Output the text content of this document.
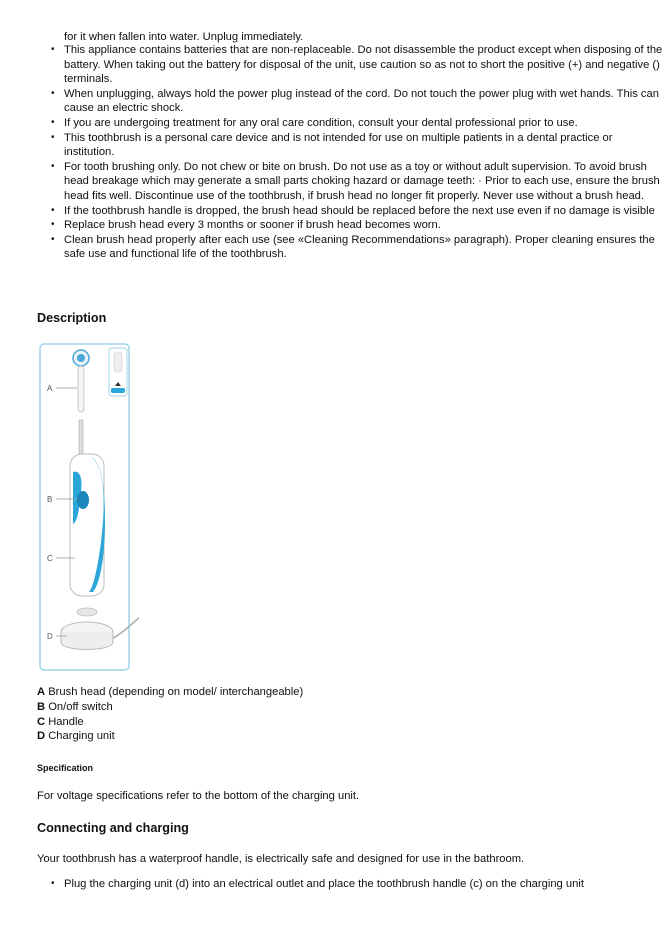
for it when fallen into water. Unplug immediately.

• This appliance contains batteries that are non-replaceable. Do not disassemble the product except when disposing of the battery. When taking out the battery for disposal of the unit, use caution so as not to short the positive (+) and negative () terminals.
• When unplugging, always hold the power plug instead of the cord. Do not touch the power plug with wet hands. This can cause an electric shock.
• If you are undergoing treatment for any oral care condition, consult your dental professional prior to use.
• This toothbrush is a personal care device and is not intended for use on multiple patients in a dental practice or institution.
• For tooth brushing only. Do not chew or bite on brush. Do not use as a toy or without adult supervision. To avoid brush head breakage which may generate a small parts choking hazard or damage teeth: · Prior to each use, ensure the brush head fits well. Discontinue use of the toothbrush, if brush head no longer fit properly. Never use without a brush head.
• If the toothbrush handle is dropped, the brush head should be replaced before the next use even if no damage is visible
• Replace brush head every 3 months or sooner if brush head becomes worn.
• Clean brush head properly after each use (see «Cleaning Recommendations» paragraph). Proper cleaning ensures the safe use and functional life of the toothbrush.
Description
A
B
C
D
A Brush head (depending on model/ interchangeable)
B On/off switch
C Handle
D Charging unit
Specification

For voltage specifications refer to the bottom of the charging unit.

Connecting and charging

Your toothbrush has a waterproof handle, is electrically safe and designed for use in the bathroom.

• Plug the charging unit (d) into an electrical outlet and place the toothbrush handle (c) on the charging unit
